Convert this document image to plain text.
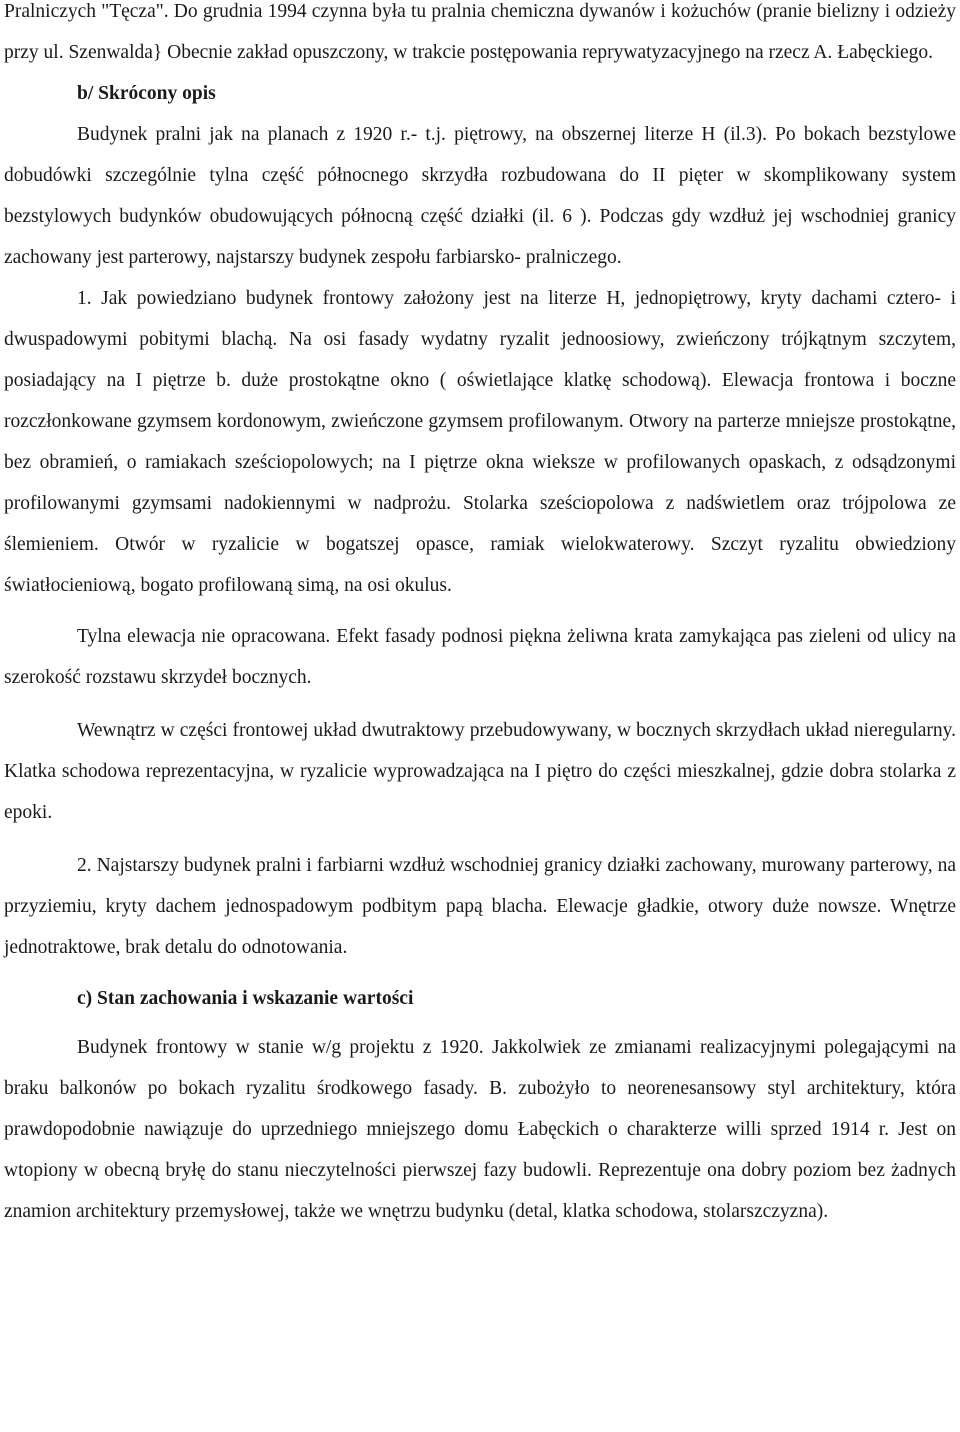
Pralniczych "Tęcza". Do grudnia 1994 czynna była tu pralnia chemiczna dywanów i kożuchów (pranie bielizny i odzieży przy ul. Szenwalda} Obecnie zakład opuszczony, w trakcie postępowania reprywatyzacyjnego na rzecz A. Łabęckiego.

b/ Skrócony opis

Budynek pralni jak na planach z 1920 r.- t.j. piętrowy, na obszernej literze H (il.3). Po bokach bezstylowe dobudówki szczególnie tylna część północnego skrzydła rozbudowana do II pięter w skomplikowany system bezstylowych budynków obudowujących północną część działki (il. 6 ). Podczas gdy wzdłuż jej wschodniej granicy zachowany jest parterowy, najstarszy budynek zespołu farbiarsko- pralniczego.

1. Jak powiedziano budynek frontowy założony jest na literze H, jednopiętrowy, kryty dachami cztero- i dwuspadowymi pobitymi blachą. Na osi fasady wydatny ryzalit jednoosiowy, zwieńczony trójkątnym szczytem, posiadający na I piętrze b. duże prostokątne okno ( oświetlające klatkę schodową). Elewacja frontowa i boczne rozczłonkowane gzymsem kordonowym, zwieńczone gzymsem profilowanym. Otwory na parterze mniejsze prostokątne, bez obramień, o ramiakach sześciopolowych; na I piętrze okna wieksze w profilowanych opaskach, z odsądzonymi profilowanymi gzymsami nadokiennymi w nadprożu. Stolarka sześciopolowa z nadświetlem oraz trójpolowa ze ślemieniem. Otwór w ryzalicie w bogatszej opasce, ramiak wielokwaterowy. Szczyt ryzalitu obwiedziony światłocieniową, bogato profilowaną simą, na osi okulus.

Tylna elewacja nie opracowana. Efekt fasady podnosi piękna żeliwna krata zamykająca pas zieleni od ulicy na szerokość rozstawu skrzydeł bocznych.

Wewnątrz w części frontowej układ dwutraktowy przebudowywany, w bocznych skrzydłach układ nieregularny. Klatka schodowa reprezentacyjna, w ryzalicie wyprowadzająca na I piętro do części mieszkalnej, gdzie dobra stolarka z epoki.

2. Najstarszy budynek pralni i farbiarni wzdłuż wschodniej granicy działki zachowany, murowany parterowy, na przyziemiu, kryty dachem jednospadowym podbitym papą blacha. Elewacje gładkie, otwory duże nowsze. Wnętrze jednotraktowe, brak detalu do odnotowania.

c) Stan zachowania i wskazanie wartości

Budynek frontowy w stanie w/g projektu z 1920. Jakkolwiek ze zmianami realizacyjnymi polegającymi na braku balkonów po bokach ryzalitu środkowego fasady. B. zubożyło to neorenesansowy styl architektury, która prawdopodobnie nawiązuje do uprzedniego mniejszego domu Łabęckich o charakterze willi sprzed 1914 r. Jest on wtopiony w obecną bryłę do stanu nieczytelności pierwszej fazy budowli. Reprezentuje ona dobry poziom bez żadnych znamion architektury przemysłowej, także we wnętrzu budynku (detal, klatka schodowa, stolarszczyzna).
